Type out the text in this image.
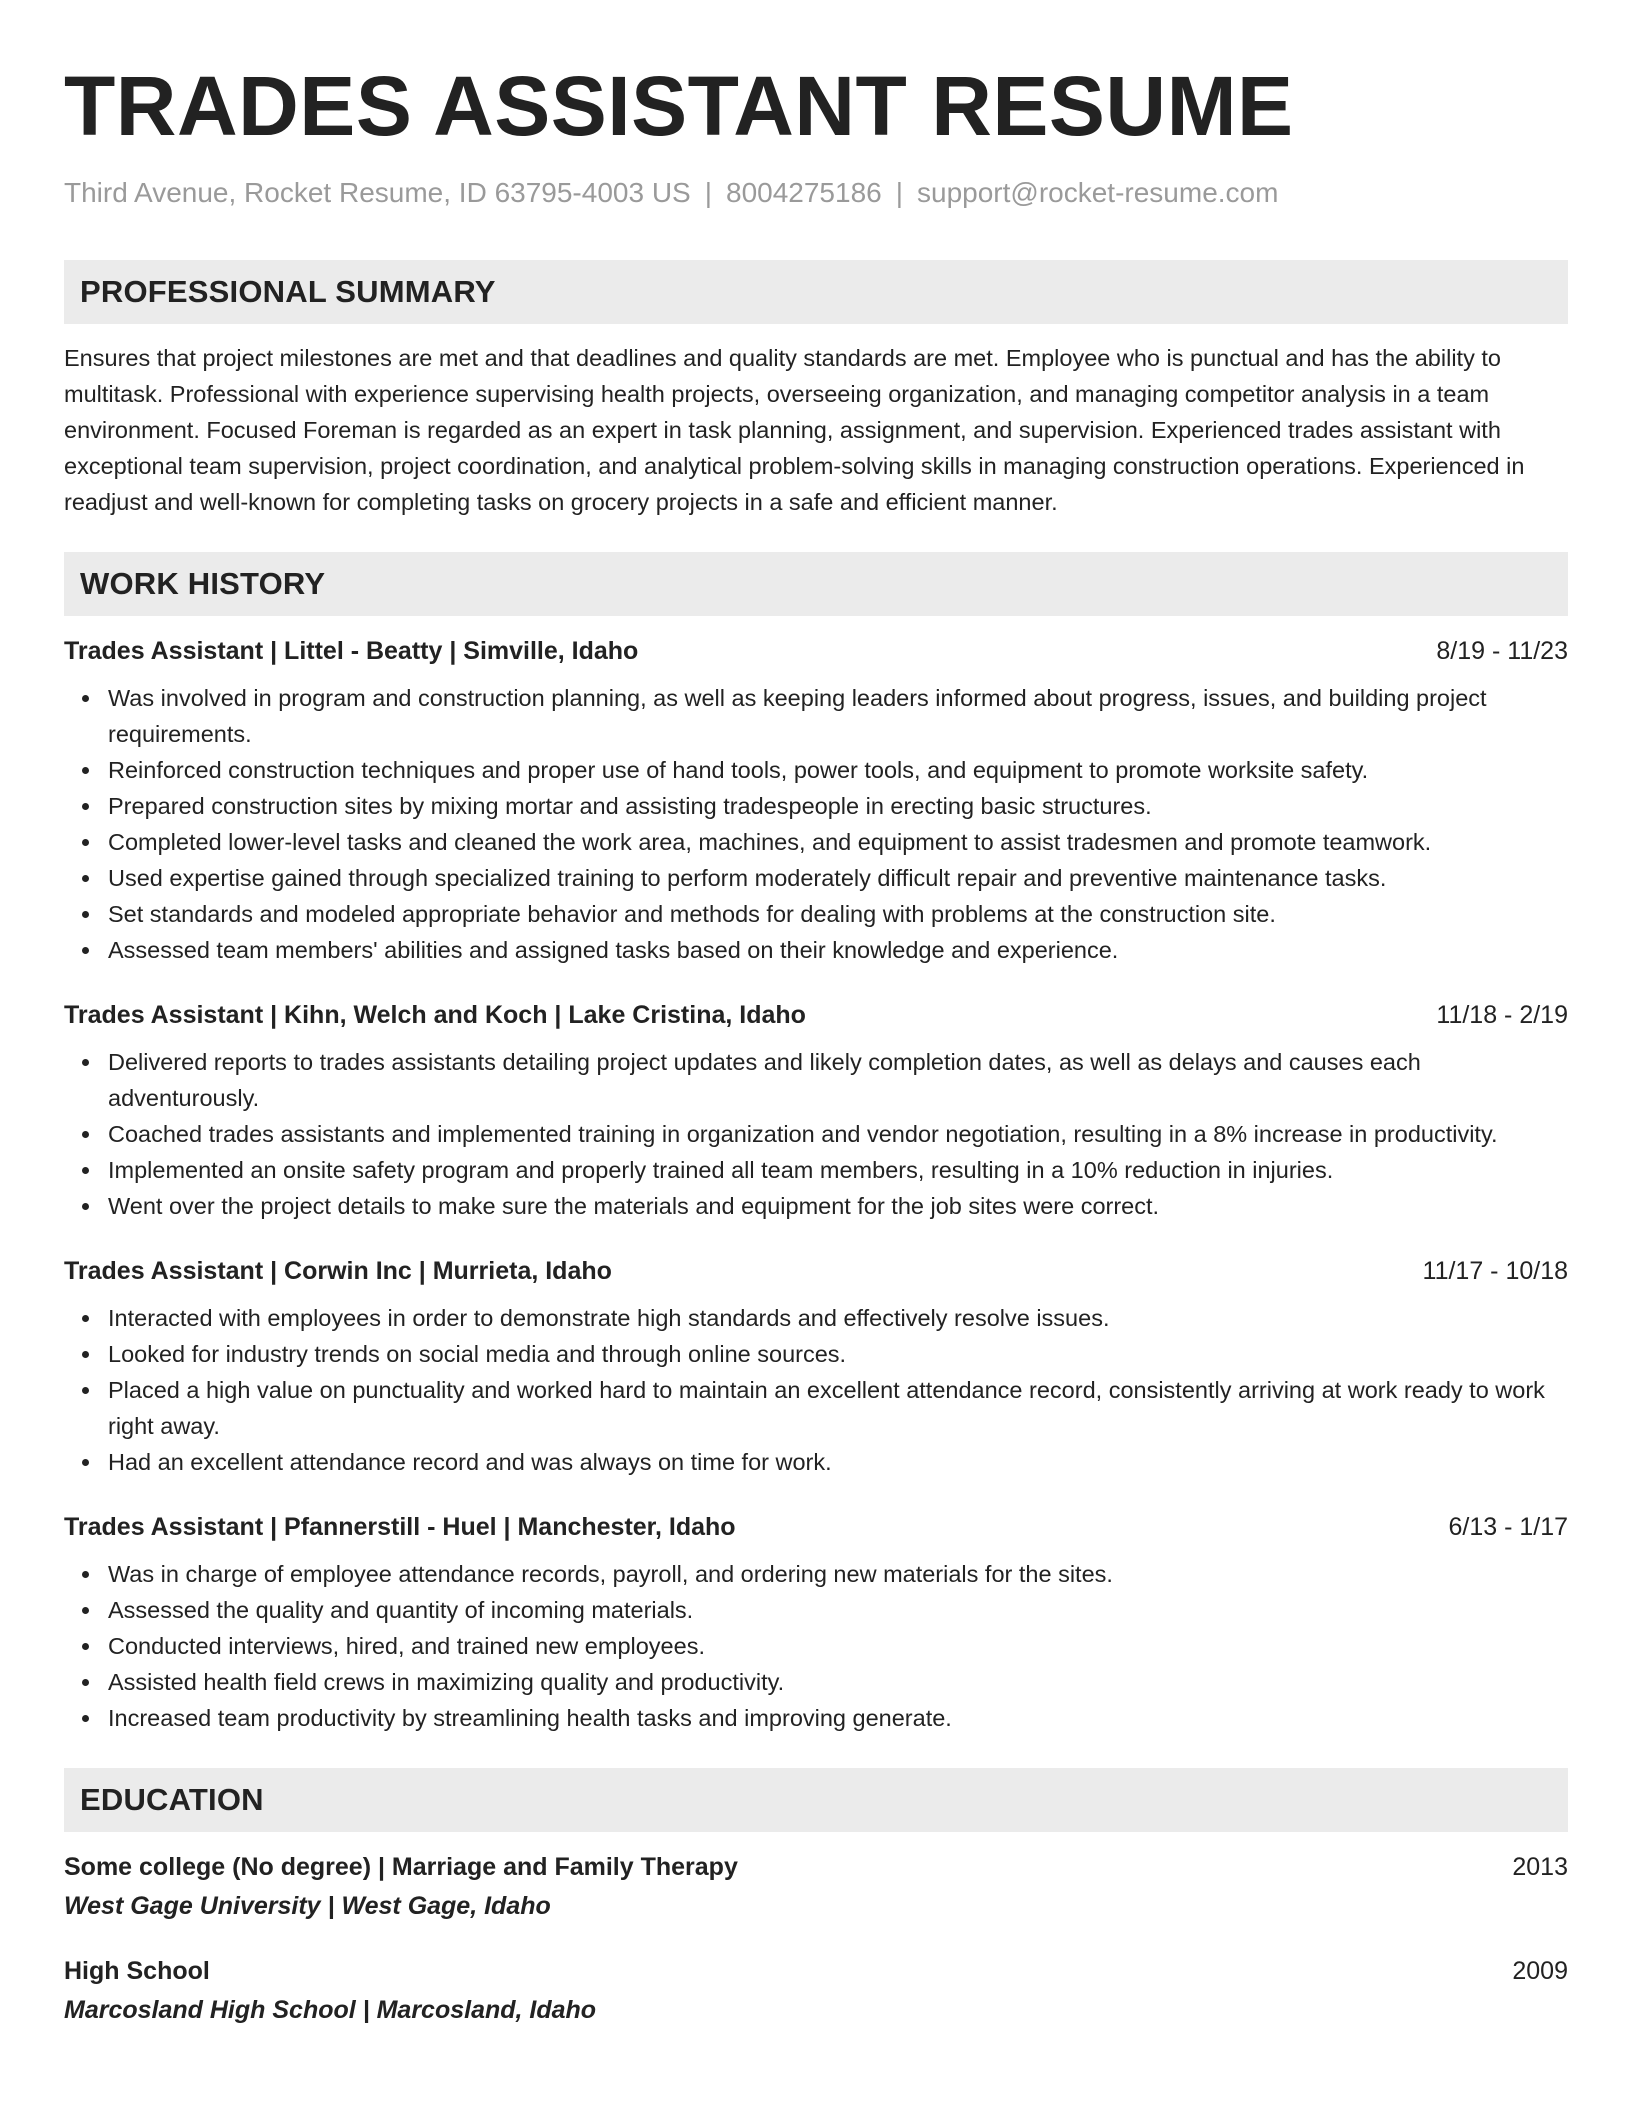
TRADES ASSISTANT RESUME
Third Avenue, Rocket Resume, ID 63795-4003 US | 8004275186 | support@rocket-resume.com
PROFESSIONAL SUMMARY
Ensures that project milestones are met and that deadlines and quality standards are met. Employee who is punctual and has the ability to multitask. Professional with experience supervising health projects, overseeing organization, and managing competitor analysis in a team environment. Focused Foreman is regarded as an expert in task planning, assignment, and supervision. Experienced trades assistant with exceptional team supervision, project coordination, and analytical problem-solving skills in managing construction operations. Experienced in readjust and well-known for completing tasks on grocery projects in a safe and efficient manner.
WORK HISTORY
Trades Assistant | Littel - Beatty | Simville, Idaho	8/19 - 11/23
Was involved in program and construction planning, as well as keeping leaders informed about progress, issues, and building project requirements.
Reinforced construction techniques and proper use of hand tools, power tools, and equipment to promote worksite safety.
Prepared construction sites by mixing mortar and assisting tradespeople in erecting basic structures.
Completed lower-level tasks and cleaned the work area, machines, and equipment to assist tradesmen and promote teamwork.
Used expertise gained through specialized training to perform moderately difficult repair and preventive maintenance tasks.
Set standards and modeled appropriate behavior and methods for dealing with problems at the construction site.
Assessed team members' abilities and assigned tasks based on their knowledge and experience.
Trades Assistant | Kihn, Welch and Koch | Lake Cristina, Idaho	11/18 - 2/19
Delivered reports to trades assistants detailing project updates and likely completion dates, as well as delays and causes each adventurously.
Coached trades assistants and implemented training in organization and vendor negotiation, resulting in a 8% increase in productivity.
Implemented an onsite safety program and properly trained all team members, resulting in a 10% reduction in injuries.
Went over the project details to make sure the materials and equipment for the job sites were correct.
Trades Assistant | Corwin Inc | Murrieta, Idaho	11/17 - 10/18
Interacted with employees in order to demonstrate high standards and effectively resolve issues.
Looked for industry trends on social media and through online sources.
Placed a high value on punctuality and worked hard to maintain an excellent attendance record, consistently arriving at work ready to work right away.
Had an excellent attendance record and was always on time for work.
Trades Assistant | Pfannerstill - Huel | Manchester, Idaho	6/13 - 1/17
Was in charge of employee attendance records, payroll, and ordering new materials for the sites.
Assessed the quality and quantity of incoming materials.
Conducted interviews, hired, and trained new employees.
Assisted health field crews in maximizing quality and productivity.
Increased team productivity by streamlining health tasks and improving generate.
EDUCATION
Some college (No degree) | Marriage and Family Therapy	2013
West Gage University | West Gage, Idaho
High School	2009
Marcosland High School | Marcosland, Idaho
